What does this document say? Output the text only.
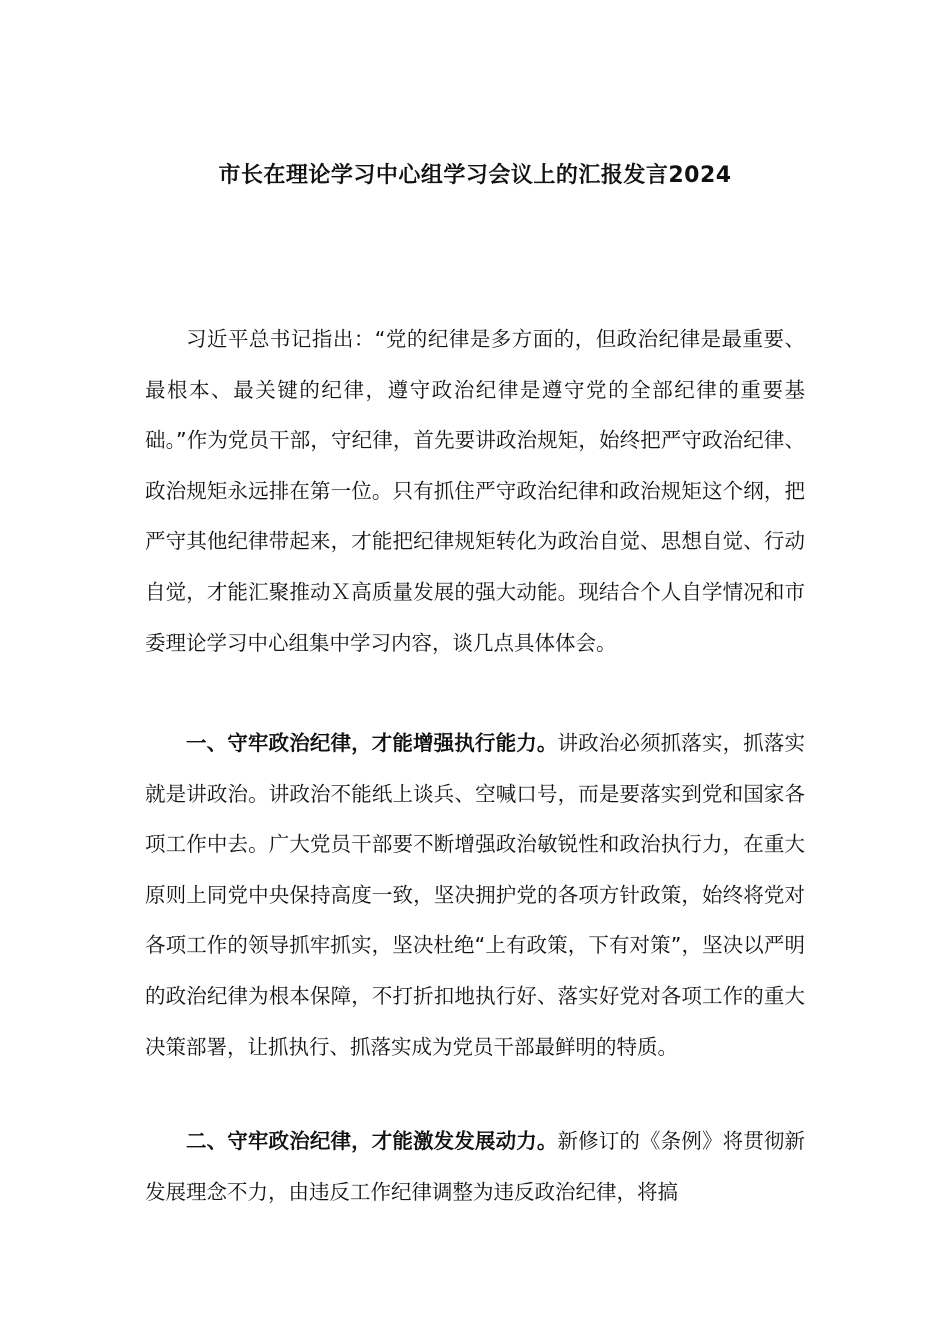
市长在理论学习中心组学习会议上的汇报发言2024

习近平总书记指出：“党的纪律是多方面的，但政治纪律是最重要、最根本、最关键的纪律，遵守政治纪律是遵守党的全部纪律的重要基础。”作为党员干部，守纪律，首先要讲政治规矩，始终把严守政治纪律、政治规矩永远排在第一位。只有抓住严守政治纪律和政治规矩这个纲，把严守其他纪律带起来，才能把纪律规矩转化为政治自觉、思想自觉、行动自觉，才能汇聚推动Ｘ高质量发展的强大动能。现结合个人自学情况和市委理论学习中心组集中学习内容，谈几点具体体会。

一、守牢政治纪律，才能增强执行能力。讲政治必须抓落实，抓落实就是讲政治。讲政治不能纸上谈兵、空喊口号，而是要落实到党和国家各项工作中去。广大党员干部要不断增强政治敏锐性和政治执行力，在重大原则上同党中央保持高度一致，坚决拥护党的各项方针政策，始终将党对各项工作的领导抓牢抓实，坚决杜绝“上有政策，下有对策”，坚决以严明的政治纪律为根本保障，不打折扣地执行好、落实好党对各项工作的重大决策部署，让抓执行、抓落实成为党员干部最鲜明的特质。

二、守牢政治纪律，才能激发发展动力。新修订的《条例》将贯彻新发展理念不力，由违反工作纪律调整为违反政治纪律，将搞
